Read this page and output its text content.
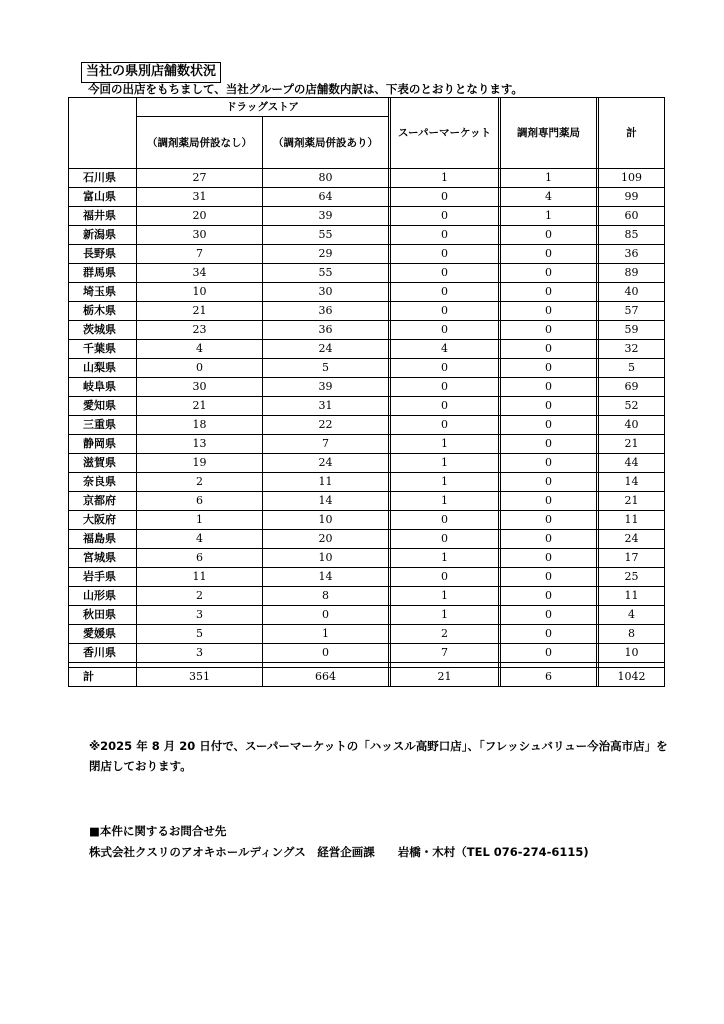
当社の県別店舗数状況
今回の出店をもちまして、当社グループの店舗数内訳は、下表のとおりとなります。
	ドラッグストア			スーパーマーケット		調剤専門薬局		計
	（調剤薬局併設なし）	（調剤薬局併設あり）						
石川県	27	80		1		1		109
富山県	31	64		0		4		99
福井県	20	39		0		1		60
新潟県	30	55		0		0		85
長野県	7	29		0		0		36
群馬県	34	55		0		0		89
埼玉県	10	30		0		0		40
栃木県	21	36		0		0		57
茨城県	23	36		0		0		59
千葉県	4	24		4		0		32
山梨県	0	5		0		0		5
岐阜県	30	39		0		0		69
愛知県	21	31		0		0		52
三重県	18	22		0		0		40
静岡県	13	7		1		0		21
滋賀県	19	24		1		0		44
奈良県	2	11		1		0		14
京都府	6	14		1		0		21
大阪府	1	10		0		0		11
福島県	4	20		0		0		24
宮城県	6	10		1		0		17
岩手県	11	14		0		0		25
山形県	2	8		1		0		11
秋田県	3	0		1		0		4
愛媛県	5	1		2		0		8
香川県	3	0		7		0		10

計	351	664		21		6		1042
※2025 年 8 月 20 日付で、スーパーマーケットの「ハッスル高野口店」、「フレッシュバリュー今治高市店」を閉店しております。
■本件に関するお問合せ先
株式会社クスリのアオキホールディングス　経営企画課　　岩橋・木村（TEL 076-274-6115)
